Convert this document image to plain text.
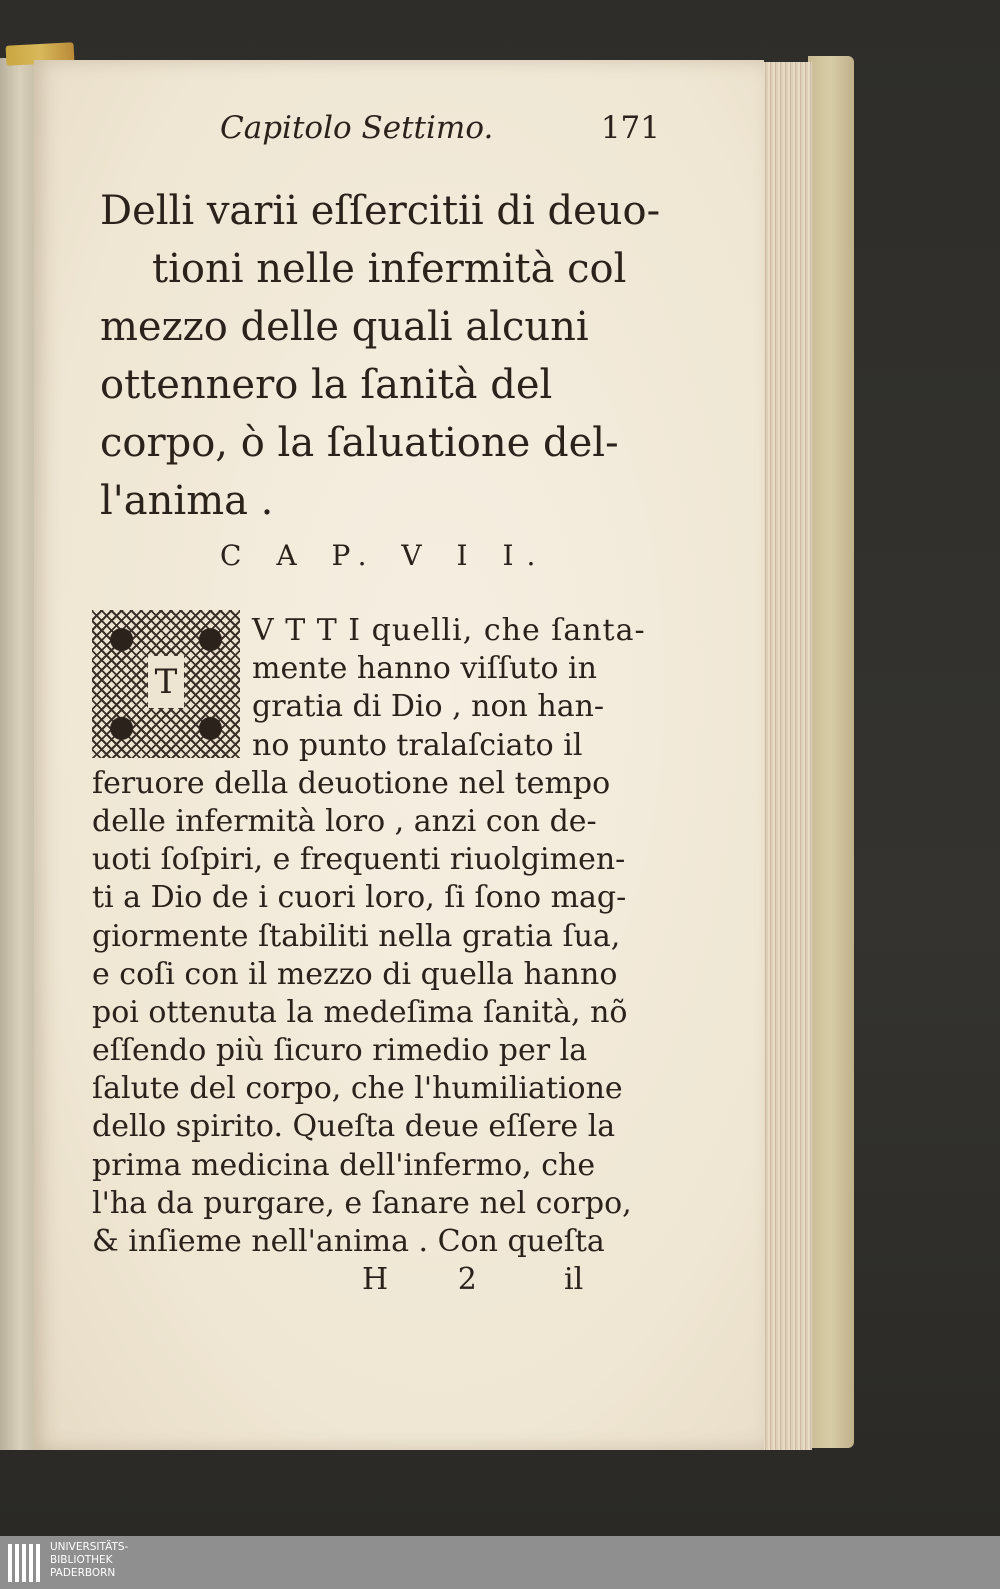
Capitolo Settimo.	171
Delli varii eſſercitii di deuo-
tioni nelle infermità col
mezzo delle quali alcuni
ottennero la ſanità del
corpo, ò la ſaluatione del-
l'anima .
C A P. V I I.
V T T I quelli, che ſanta-
mente hanno viſſuto in
gratia di Dio , non han-
no punto tralaſciato il
feruore della deuotione nel tempo
delle infermità loro , anzi con de-
uoti ſoſpiri, e frequenti riuolgimen-
ti a Dio de i cuori loro, ſi ſono mag-
giormente ſtabiliti nella gratia ſua,
e coſi con il mezzo di quella hanno
poi ottenuta la medeſima ſanità, nõ
eſſendo più ſicuro rimedio per la
ſalute del corpo, che l'humiliatione
dello spirito. Queſta deue eſſere la
prima medicina dell'infermo, che
l'ha da purgare, e ſanare nel corpo,
& inſieme nell'anima . Con queſta
T
H 2	il
UNIVERSITÄTS-
BIBLIOTHEK
PADERBORN
